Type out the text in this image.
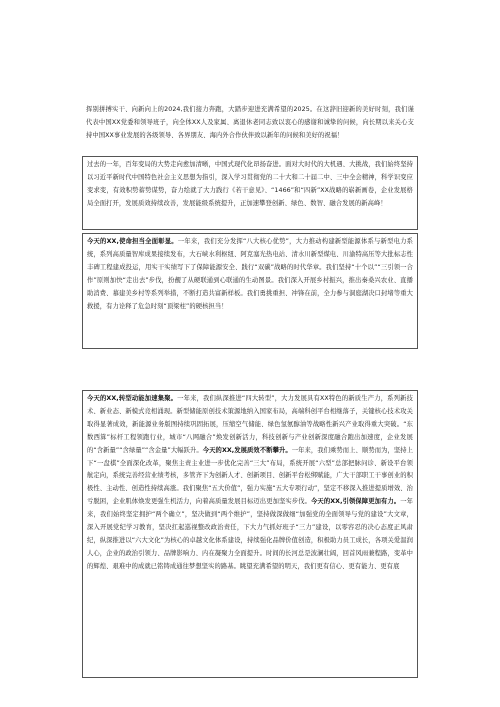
挥别拼搏实干、向新向上的2024,我们接力奔跑，大踏步迎进充满希望的2025。在这辞旧迎新的美好时刻，我们谨代表中国XX党委和领导班子，向全体XX人及家属、离退休老同志致以衷心的感谢和诚挚的问候，向长期以来关心支持中国XX事业发展的各级领导、各界朋友、海内外合作伙伴致以新年的问候和美好的祝福！

过去的一年，百年变局的大势走向愈加清晰，中国式现代化昂扬奋进。面对大时代的大机遇、大挑战，我们始终坚持以习近平新时代中国特色社会主义思想为指引，深入学习贯彻党的二十大和二十届二中、三中全会精神，科学识变应变求变，有效积势蓄势谋势，奋力绘就了大力践行《若干意见》、“1466”和“四新”XX战略的崭新画卷，企业发展格局全面打开，发展质效持续改善，发展能级系统提升，正加速攀登创新、绿色、数智、融合发展的新高峰！

今天的XX,使命担当全面彰显。一年来，我们充分发挥“八大核心优势”，大力推动构建新型能源体系与新型电力系统，系列高质量智库成果接续发布，大石峡水利枢纽、阿克塞光热电站、清水川新型煤电、川渝特高压等大批标志性丰碑工程建成投运，用实干实绩写下了保障能源安全、践行“双碳”战略的时代华章。我们坚持“十个以”“三引领一合作”原则加快“走出去”步伐，扮靓了从硬联通到心联通的生动图景。我们深入开展乡村振兴，推出秦桑兴农业、直播助消费、慕建美乡村等系列举措，不断打造共富新样板。我们勇挑重担、冲锋在前，全力参与洞庭湖决口封堵等重大救援，有力诠释了危急时刻“顶梁柱”的硬核担当！

今天的XX,转型动能加速集聚。一年来，我们纵深推进“四大转型”，大力发展具有XX特色的新质生产力，系列新技术、新业态、新模式竞相涌现。新型储能原创技术策源地纳入国家布局，高端科创平台相继落子，关键核心技术攻关取得显著成效，新能源业务版图持续巩固拓展，压缩空气储能、绿色氢氨醇油等战略性新兴产业取得重大突破。“东数西算”标杆工程领跑行业，城市“八网融合”焕发创新活力，科技创新与产业创新深度融合跑出加速度，企业发展的“含新量”“含绿量”“含金量”大幅跃升。今天的XX,发展质效不断攀升。一年来，我们乘势而上、顺势而为，坚持上下“一盘棋”全面深化改革，聚焦主责主业进一步优化完善“三大”布局，系统开展“六型”总部把脉问诊、新设平台领航定向，系统完善经营业绩考核，多管齐下为创新人才、创新项目、创新平台松绑赋能，广大干部职工干事创业的积极性、主动性、创造性持续高涨。我们聚焦“五大价值”，强力实施“五大专项行动”，坚定不移深入推进提质增效、治亏脱困，企业肌体焕发更强生机活力，向着高质量发展目标迈出更加坚实步伐。今天的XX,引领保障更加有力。一年来，我们始终坚定拥护“两个确立”，坚决做到“两个维护”，坚持做深做细“加强党的全面领导与党的建设”大文章，深入开展党纪学习教育，坚决扛起巡视整改政治责任，下大力气抓好班子“三力”建设，以零容忍的决心态度正风肃纪，纵深推进以“六大文化”为核心的卓越文化体系建设，持续强化品牌价值创造，积极助力员工成长，各项关爱温润人心，企业的政治引领力、品牌影响力、内在凝聚力全面提升。时间的长河总是波澜壮阔，回首风雨兼程路，变革中的辉煌、艰难中的成就已铭铸成通往梦想坚实的路基。眺望充满希望的明天，我们更有信心、更有能力、更有底
